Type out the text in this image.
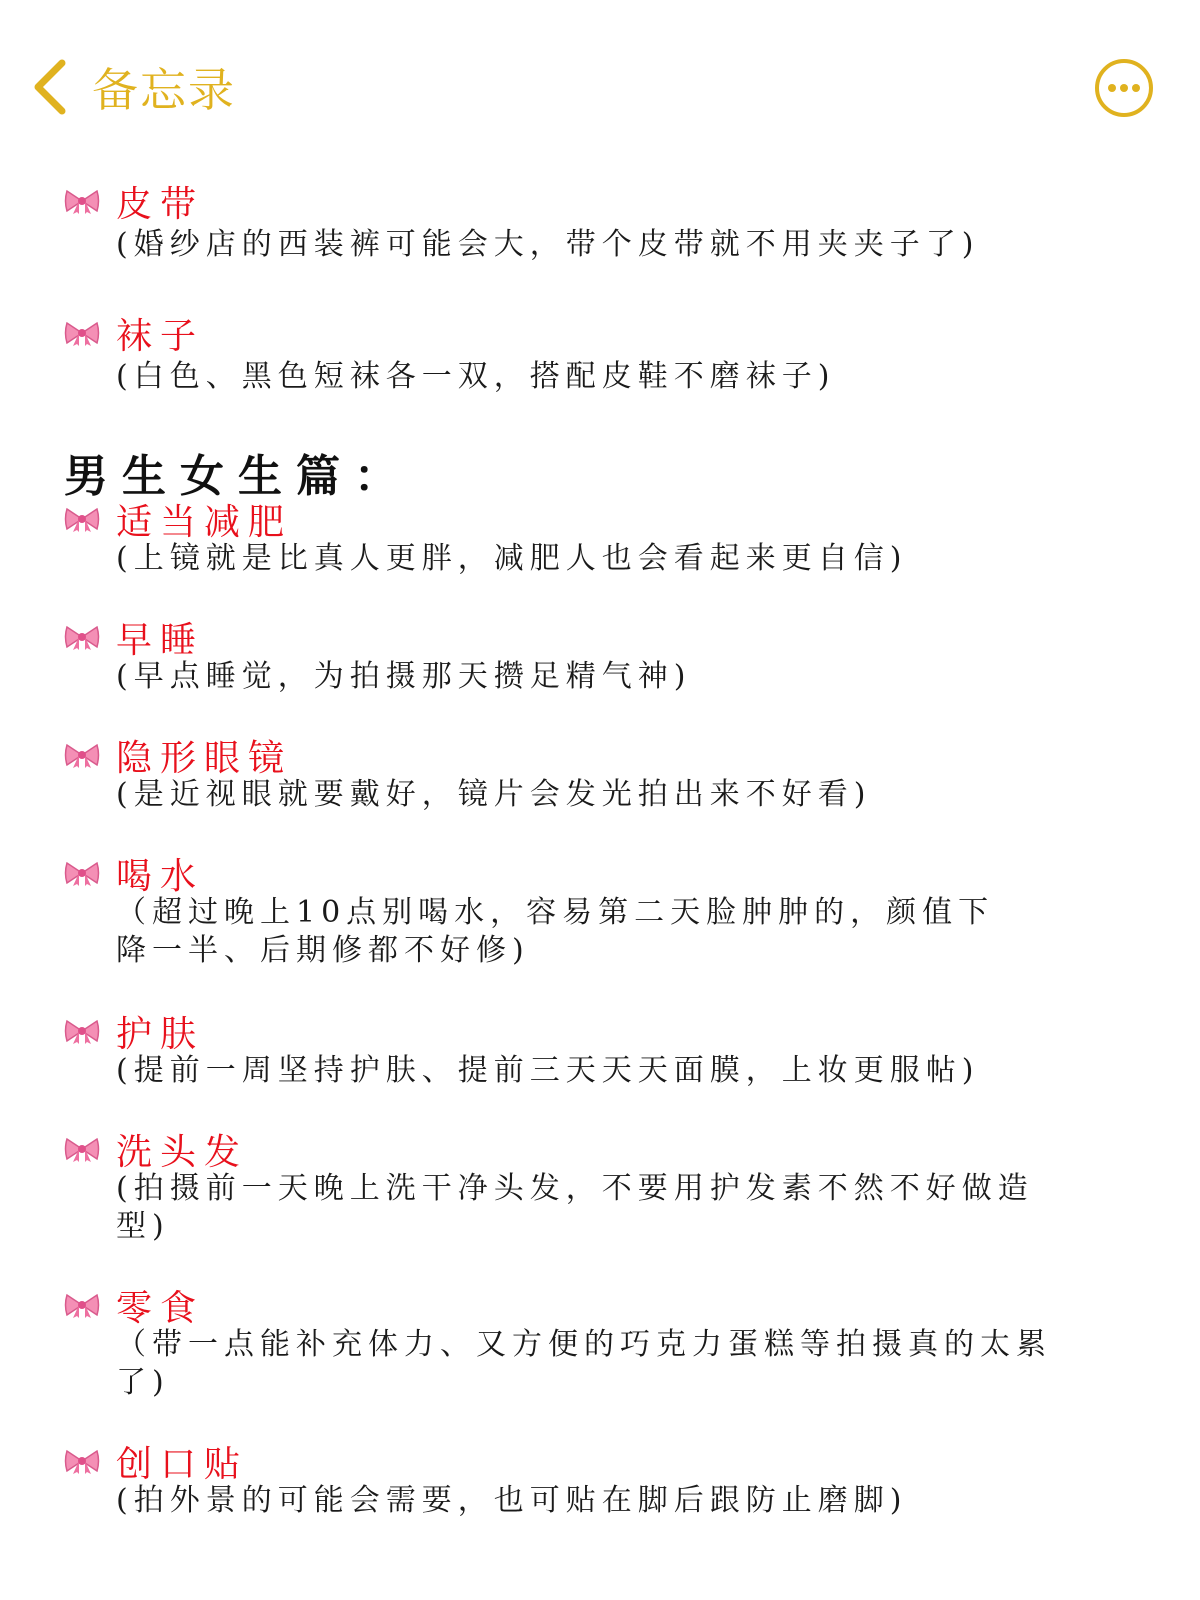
备忘录
皮带
(婚纱店的西装裤可能会大，带个皮带就不用夹夹子了)
袜子
(白色、黑色短袜各一双，搭配皮鞋不磨袜子)
男生女生篇：
适当减肥
(上镜就是比真人更胖，减肥人也会看起来更自信)
早睡
(早点睡觉，为拍摄那天攒足精气神)
隐形眼镜
(是近视眼就要戴好，镜片会发光拍出来不好看)
喝水
（超过晚上10点别喝水，容易第二天脸肿肿的，颜值下降一半、后期修都不好修)
护肤
(提前一周坚持护肤、提前三天天天面膜，上妆更服帖)
洗头发
(拍摄前一天晚上洗干净头发，不要用护发素不然不好做造型)
零食
（带一点能补充体力、又方便的巧克力蛋糕等拍摄真的太累了)
创口贴
(拍外景的可能会需要，也可贴在脚后跟防止磨脚)
